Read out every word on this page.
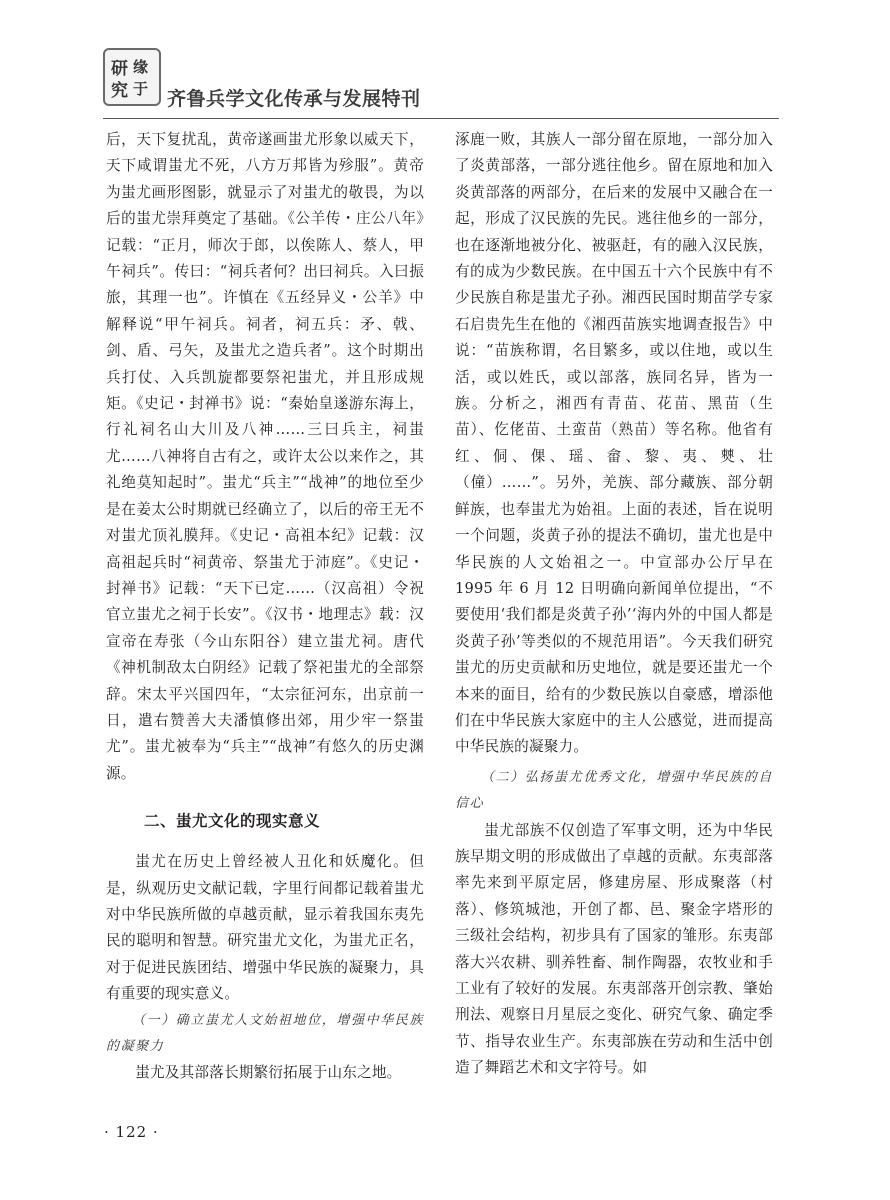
研 缘
究 于 齐鲁兵学文化传承与发展特刊

后，天下复扰乱，黄帝遂画蚩尤形象以威天下，天下咸谓蚩尤不死，八方万邦皆为殄服”。黄帝为蚩尤画形图影，就显示了对蚩尤的敬畏，为以后的蚩尤崇拜奠定了基础。《公羊传・庄公八年》记载：“正月，师次于郎，以俟陈人、蔡人，甲午祠兵”。传曰：“祠兵者何？出曰祠兵。入曰振旅，其理一也”。许慎在《五经异义・公羊》中解释说“甲午祠兵。祠者，祠五兵：矛、戟、剑、盾、弓矢，及蚩尤之造兵者”。这个时期出兵打仗、入兵凯旋都要祭祀蚩尤，并且形成规矩。《史记・封禅书》说：“秦始皇遂游东海上，行礼祠名山大川及八神……三曰兵主，祠蚩尤……八神将自古有之，或许太公以来作之，其礼绝莫知起时”。蚩尤“兵主”“战神”的地位至少是在姜太公时期就已经确立了，以后的帝王无不对蚩尤顶礼膜拜。《史记・高祖本纪》记载：汉高祖起兵时“祠黄帝、祭蚩尤于沛庭”。《史记・封禅书》记载：“天下已定……（汉高祖）令祝官立蚩尤之祠于长安”。《汉书・地理志》载：汉宣帝在寿张（今山东阳谷）建立蚩尤祠。唐代《神机制敌太白阴经》记载了祭祀蚩尤的全部祭辞。宋太平兴国四年，“太宗征河东，出京前一日，遣右赞善大夫潘慎修出郊，用少牢一祭蚩尤”。蚩尤被奉为“兵主”“战神”有悠久的历史渊源。

二、蚩尤文化的现实意义

蚩尤在历史上曾经被人丑化和妖魔化。但是，纵观历史文献记载，字里行间都记载着蚩尤对中华民族所做的卓越贡献，显示着我国东夷先民的聪明和智慧。研究蚩尤文化，为蚩尤正名，对于促进民族团结、增强中华民族的凝聚力，具有重要的现实意义。

（一）确立蚩尤人文始祖地位，增强中华民族的凝聚力

蚩尤及其部落长期繁衍拓展于山东之地。

涿鹿一败，其族人一部分留在原地，一部分加入了炎黄部落，一部分逃往他乡。留在原地和加入炎黄部落的两部分，在后来的发展中又融合在一起，形成了汉民族的先民。逃往他乡的一部分，也在逐渐地被分化、被驱赶，有的融入汉民族，有的成为少数民族。在中国五十六个民族中有不少民族自称是蚩尤子孙。湘西民国时期苗学专家石启贵先生在他的《湘西苗族实地调查报告》中说：“苗族称谓，名目繁多，或以住地，或以生活，或以姓氏，或以部落，族同名异，皆为一族。分析之，湘西有青苗、花苗、黑苗（生苗）、仡佬苗、土蛮苗（熟苗）等名称。他省有红、侗、倮、瑶、畲、黎、夷、僰、壮（僮）……”。另外，羌族、部分藏族、部分朝鲜族，也奉蚩尤为始祖。上面的表述，旨在说明一个问题，炎黄子孙的提法不确切，蚩尤也是中华民族的人文始祖之一。中宣部办公厅早在 1995 年 6 月 12 日明确向新闻单位提出，“不要使用‘我们都是炎黄子孙’‘海内外的中国人都是炎黄子孙’等类似的不规范用语”。今天我们研究蚩尤的历史贡献和历史地位，就是要还蚩尤一个本来的面目，给有的少数民族以自豪感，增添他们在中华民族大家庭中的主人公感觉，进而提高中华民族的凝聚力。

（二）弘扬蚩尤优秀文化，增强中华民族的自信心

蚩尤部族不仅创造了军事文明，还为中华民族早期文明的形成做出了卓越的贡献。东夷部落率先来到平原定居，修建房屋、形成聚落（村落）、修筑城池，开创了都、邑、聚金字塔形的三级社会结构，初步具有了国家的雏形。东夷部落大兴农耕、驯养牲畜、制作陶器，农牧业和手工业有了较好的发展。东夷部落开创宗教、肇始刑法、观察日月星辰之变化、研究气象、确定季节、指导农业生产。东夷部族在劳动和生活中创造了舞蹈艺术和文字符号。如

· 122 ·
